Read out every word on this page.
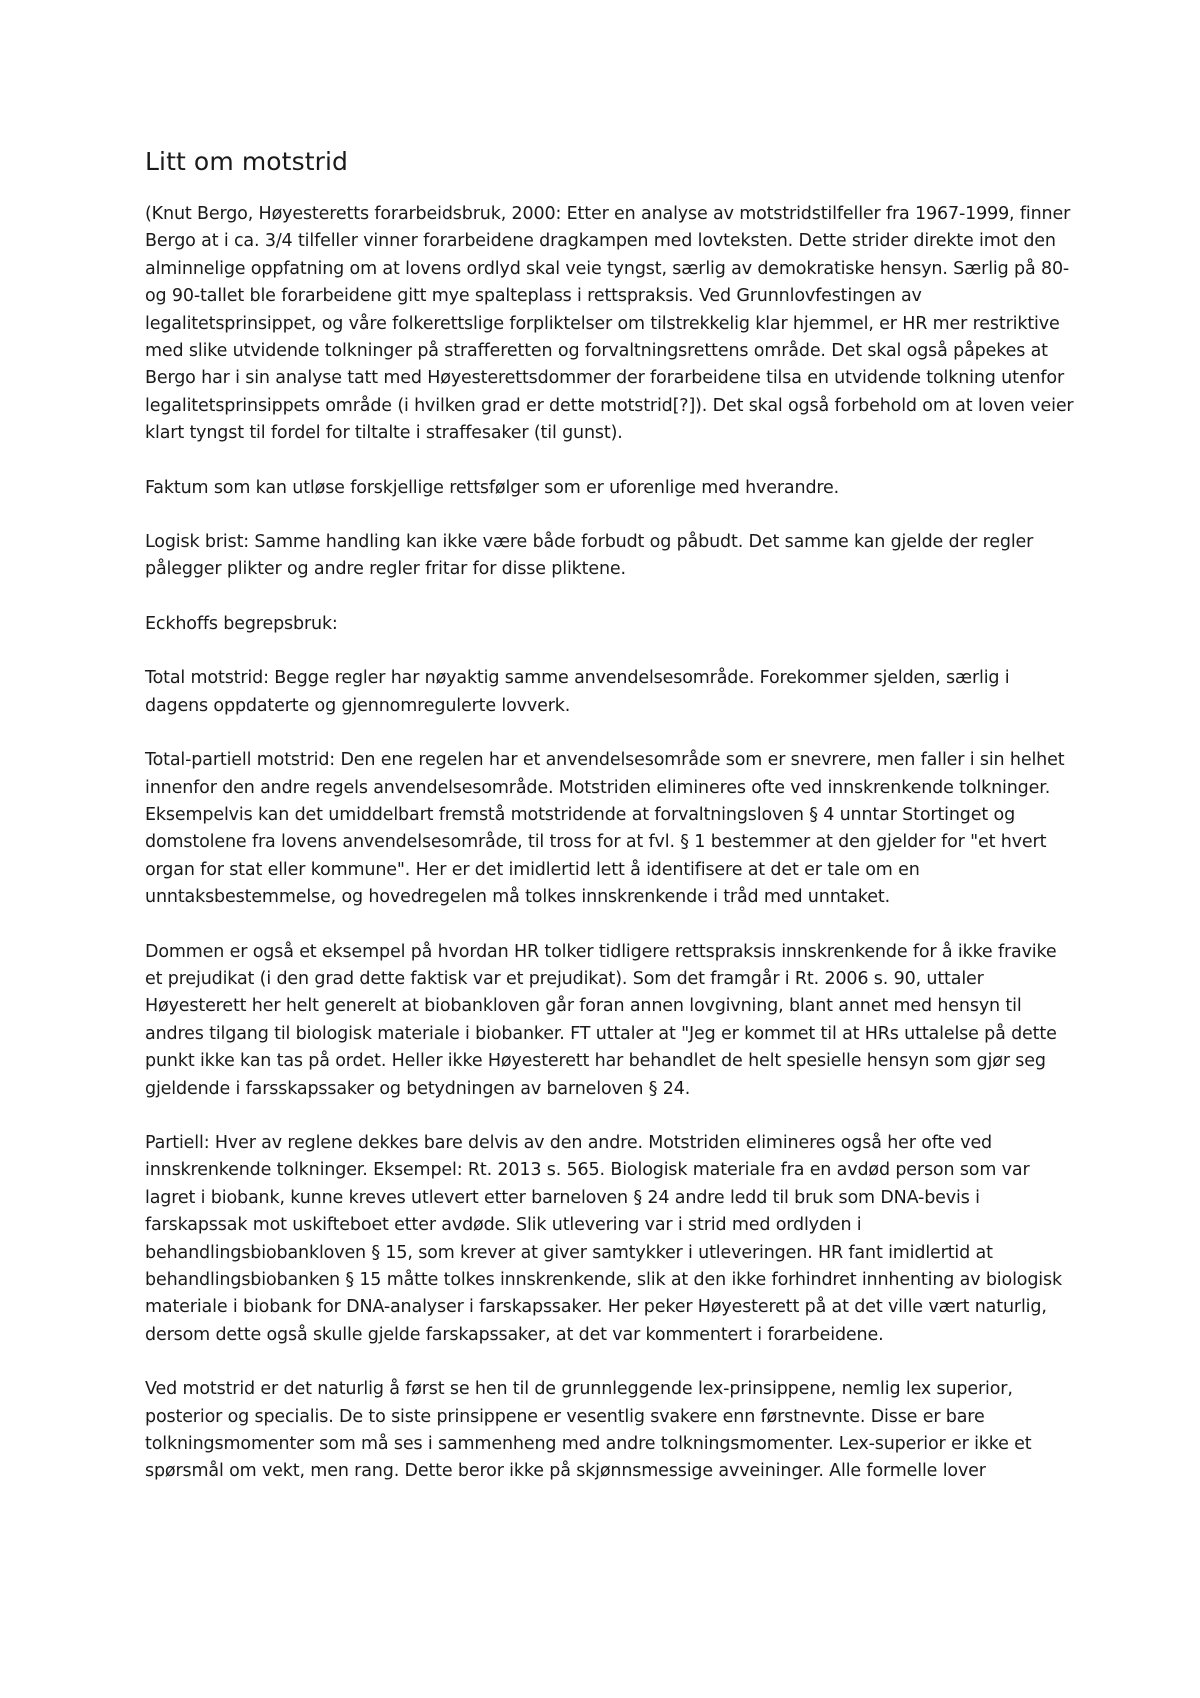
Litt om motstrid

(Knut Bergo, Høyesteretts forarbeidsbruk, 2000: Etter en analyse av motstridstilfeller fra 1967-1999, finner Bergo at i ca. 3/4 tilfeller vinner forarbeidene dragkampen med lovteksten. Dette strider direkte imot den alminnelige oppfatning om at lovens ordlyd skal veie tyngst, særlig av demokratiske hensyn. Særlig på 80- og 90-tallet ble forarbeidene gitt mye spalteplass i rettspraksis. Ved Grunnlovfestingen av legalitetsprinsippet, og våre folkerettslige forpliktelser om tilstrekkelig klar hjemmel, er HR mer restriktive med slike utvidende tolkninger på strafferetten og forvaltningsrettens område. Det skal også påpekes at Bergo har i sin analyse tatt med Høyesterettsdommer der forarbeidene tilsa en utvidende tolkning utenfor legalitetsprinsippets område (i hvilken grad er dette motstrid[?]). Det skal også forbehold om at loven veier klart tyngst til fordel for tiltalte i straffesaker (til gunst).

Faktum som kan utløse forskjellige rettsfølger som er uforenlige med hverandre.

Logisk brist: Samme handling kan ikke være både forbudt og påbudt. Det samme kan gjelde der regler pålegger plikter og andre regler fritar for disse pliktene.

Eckhoffs begrepsbruk:

Total motstrid: Begge regler har nøyaktig samme anvendelsesområde. Forekommer sjelden, særlig i dagens oppdaterte og gjennomregulerte lovverk.

Total-partiell motstrid: Den ene regelen har et anvendelsesområde som er snevrere, men faller i sin helhet innenfor den andre regels anvendelsesområde. Motstriden elimineres ofte ved innskrenkende tolkninger. Eksempelvis kan det umiddelbart fremstå motstridende at forvaltningsloven § 4 unntar Stortinget og domstolene fra lovens anvendelsesområde, til tross for at fvl. § 1 bestemmer at den gjelder for "et hvert organ for stat eller kommune". Her er det imidlertid lett å identifisere at det er tale om en unntaksbestemmelse, og hovedregelen må tolkes innskrenkende i tråd med unntaket.

Dommen er også et eksempel på hvordan HR tolker tidligere rettspraksis innskrenkende for å ikke fravike et prejudikat (i den grad dette faktisk var et prejudikat). Som det framgår i Rt. 2006 s. 90, uttaler Høyesterett her helt generelt at biobankloven går foran annen lovgivning, blant annet med hensyn til andres tilgang til biologisk materiale i biobanker. FT uttaler at "Jeg er kommet til at HRs uttalelse på dette punkt ikke kan tas på ordet. Heller ikke Høyesterett har behandlet de helt spesielle hensyn som gjør seg gjeldende i farsskapssaker og betydningen av barneloven § 24.

Partiell: Hver av reglene dekkes bare delvis av den andre. Motstriden elimineres også her ofte ved innskrenkende tolkninger. Eksempel: Rt. 2013 s. 565. Biologisk materiale fra en avdød person som var lagret i biobank, kunne kreves utlevert etter barneloven § 24 andre ledd til bruk som DNA-bevis i farskapssak mot uskifteboet etter avdøde. Slik utlevering var i strid med ordlyden i behandlingsbiobankloven § 15, som krever at giver samtykker i utleveringen. HR fant imidlertid at behandlingsbiobanken § 15 måtte tolkes innskrenkende, slik at den ikke forhindret innhenting av biologisk materiale i biobank for DNA-analyser i farskapssaker. Her peker Høyesterett på at det ville vært naturlig, dersom dette også skulle gjelde farskapssaker, at det var kommentert i forarbeidene.

Ved motstrid er det naturlig å først se hen til de grunnleggende lex-prinsippene, nemlig lex superior, posterior og specialis. De to siste prinsippene er vesentlig svakere enn førstnevnte. Disse er bare tolkningsmomenter som må ses i sammenheng med andre tolkningsmomenter. Lex-superior er ikke et spørsmål om vekt, men rang. Dette beror ikke på skjønnsmessige avveininger. Alle formelle lover
